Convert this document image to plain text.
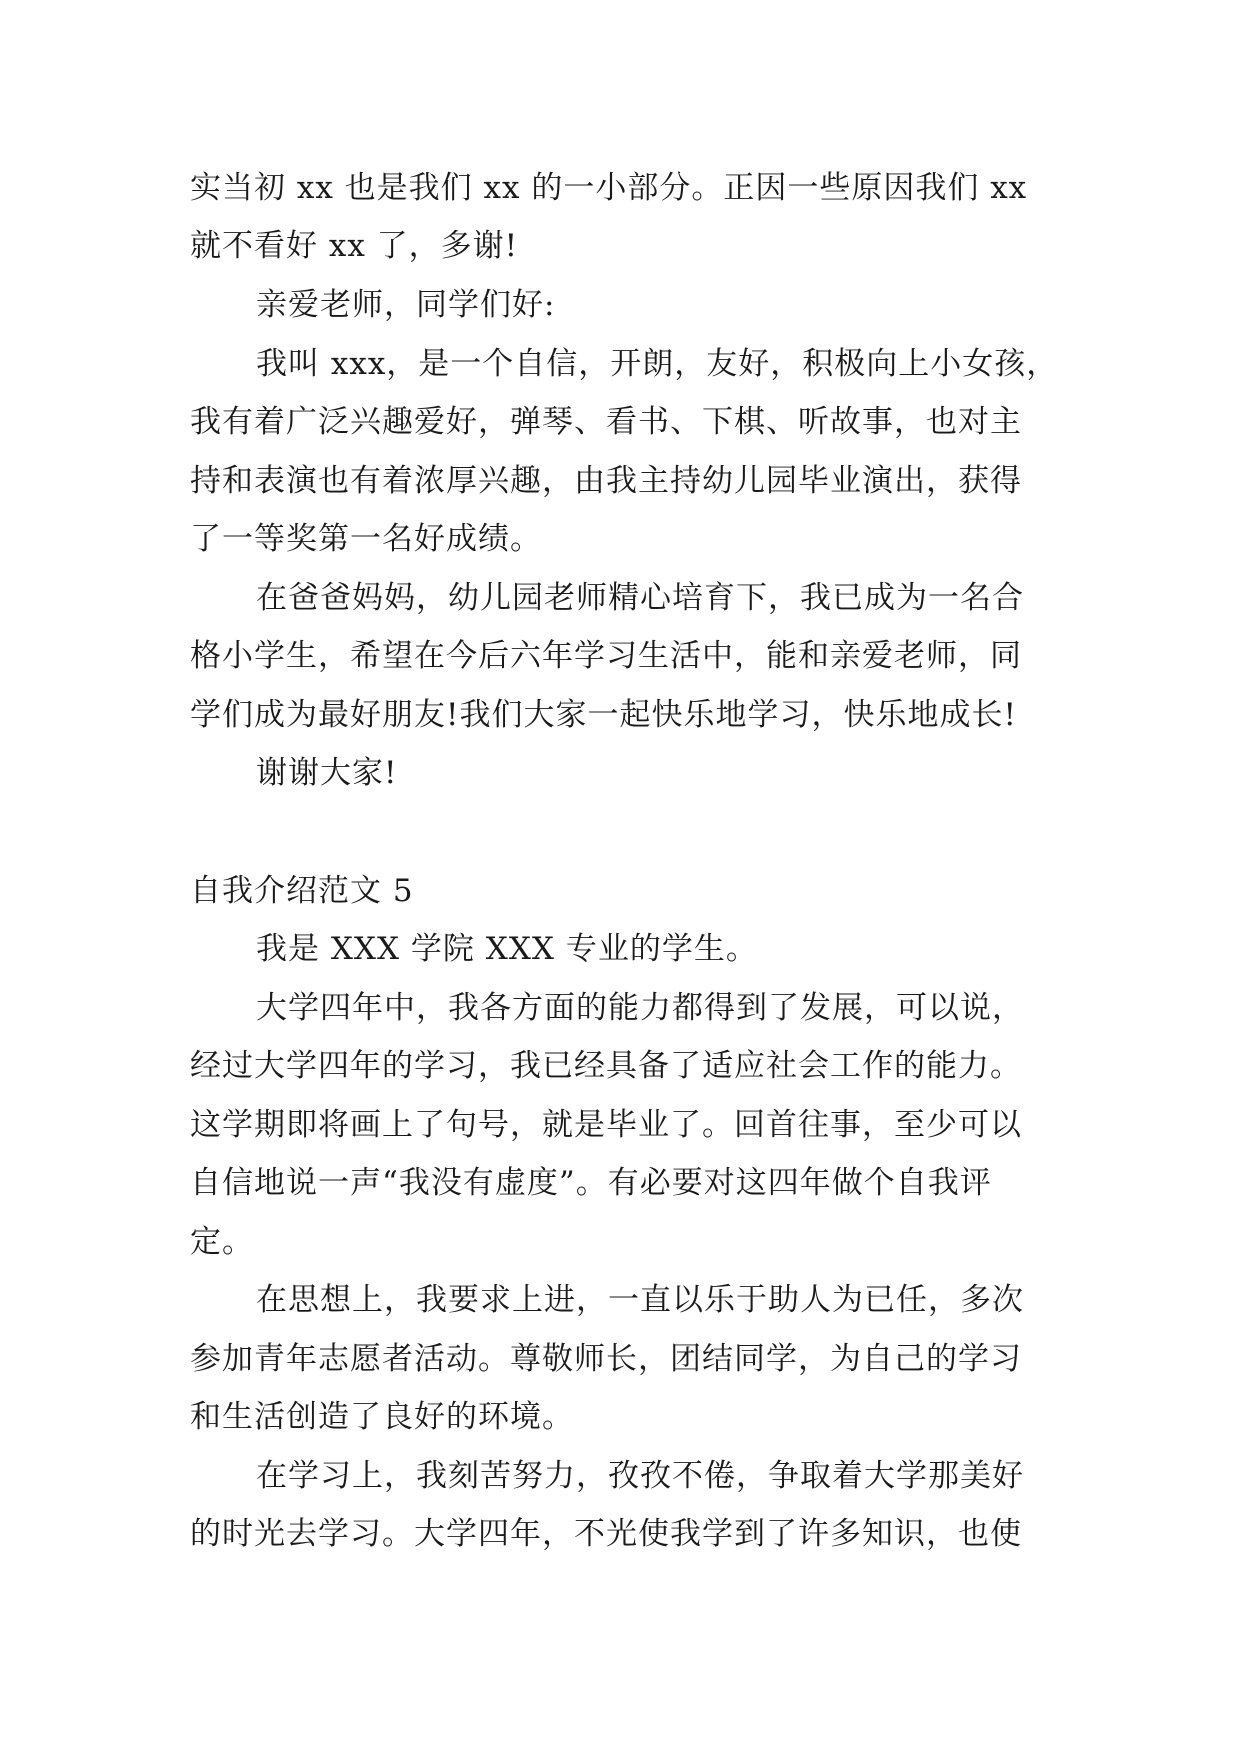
实当初 xx 也是我们 xx 的一小部分。正因一些原因我们 xx
就不看好 xx 了，多谢!
亲爱老师，同学们好:
我叫 xxx，是一个自信，开朗，友好，积极向上小女孩，
我有着广泛兴趣爱好，弹琴、看书、下棋、听故事，也对主
持和表演也有着浓厚兴趣，由我主持幼儿园毕业演出，获得
了一等奖第一名好成绩。
在爸爸妈妈，幼儿园老师精心培育下，我已成为一名合
格小学生，希望在今后六年学习生活中，能和亲爱老师，同
学们成为最好朋友!我们大家一起快乐地学习，快乐地成长!
谢谢大家!
自我介绍范文 5
我是 XXX 学院 XXX 专业的学生。
大学四年中，我各方面的能力都得到了发展，可以说，
经过大学四年的学习，我已经具备了适应社会工作的能力。
这学期即将画上了句号，就是毕业了。回首往事，至少可以
自信地说一声“我没有虚度”。有必要对这四年做个自我评
定。
在思想上，我要求上进，一直以乐于助人为已任，多次
参加青年志愿者活动。尊敬师长，团结同学，为自己的学习
和生活创造了良好的环境。
在学习上，我刻苦努力，孜孜不倦，争取着大学那美好
的时光去学习。大学四年，不光使我学到了许多知识，也使
